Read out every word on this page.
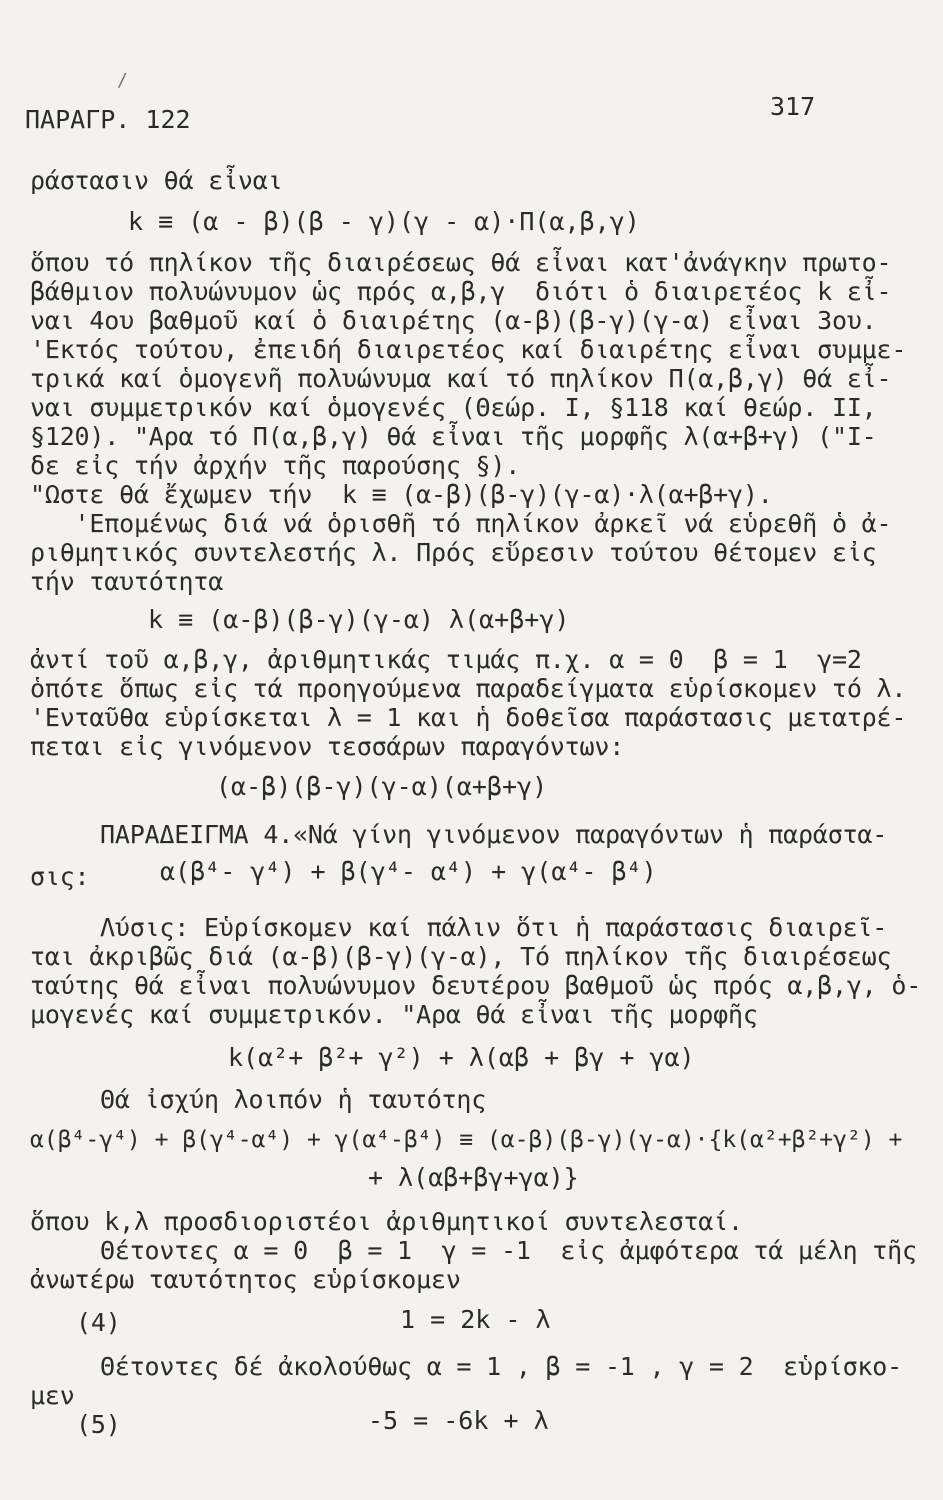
/
ΠΑΡΑΓΡ. 122	317
ράστασιν θά εἶναι
k ≡ (α - β)(β - γ)(γ - α)·Π(α,β,γ)
ὅπου τό πηλίκον τῆς διαιρέσεως θά εἶναι κατ'ἀνάγκην πρωτο-
βάθμιον πολυώνυμον ὡς πρός α,β,γ  διότι ὁ διαιρετέος k εἶ-
ναι 4ου βαθμοῦ καί ὁ διαιρέτης (α-β)(β-γ)(γ-α) εἶναι 3ου.
'Εκτός τούτου, ἐπειδή διαιρετέος καί διαιρέτης εἶναι συμμε-
τρικά καί ὁμογενῆ πολυώνυμα καί τό πηλίκον Π(α,β,γ) θά εἶ-
ναι συμμετρικόν καί ὁμογενές (Θεώρ. I, §118 καί θεώρ. II,
§120). "Αρα τό Π(α,β,γ) θά εἶναι τῆς μορφῆς λ(α+β+γ) ("I-
δε εἰς τήν ἀρχήν τῆς παρούσης §).
"Ωστε θά ἔχωμεν τήν  k ≡ (α-β)(β-γ)(γ-α)·λ(α+β+γ).
'Επομένως διά νά ὁρισθῆ τό πηλίκον ἀρκεῖ νά εὑρεθῆ ὁ ἀ-
ριθμητικός συντελεστής λ. Πρός εὕρεσιν τούτου θέτομεν εἰς
τήν ταυτότητα
k ≡ (α-β)(β-γ)(γ-α) λ(α+β+γ)
ἀντί τοῦ α,β,γ, ἀριθμητικάς τιμάς π.χ. α = 0  β = 1  γ=2
ὁπότε ὅπως εἰς τά προηγούμενα παραδείγματα εὑρίσκομεν τό λ.
'Ενταῦθα εὑρίσκεται λ = 1 και ἡ δοθεῖσα παράστασις μετατρέ-
πεται εἰς γινόμενον τεσσάρων παραγόντων:
(α-β)(β-γ)(γ-α)(α+β+γ)
ΠΑΡΑΔΕΙΓΜΑ 4.«Νά γίνη γινόμενον παραγόντων ἡ παράστα-
σις:	α(β⁴- γ⁴) + β(γ⁴- α⁴) + γ(α⁴- β⁴)
Λύσις: Εὑρίσκομεν καί πάλιν ὅτι ἡ παράστασις διαιρεῖ-
ται ἀκριβῶς διά (α-β)(β-γ)(γ-α), Τό πηλίκον τῆς διαιρέσεως
ταύτης θά εἶναι πολυώνυμον δευτέρου βαθμοῦ ὡς πρός α,β,γ, ὁ-
μογενές καί συμμετρικόν. "Αρα θά εἶναι τῆς μορφῆς
k(α²+ β²+ γ²) + λ(αβ + βγ + γα)
Θά ἰσχύη λοιπόν ἡ ταυτότης
α(β⁴-γ⁴) + β(γ⁴-α⁴) + γ(α⁴-β⁴) ≡ (α-β)(β-γ)(γ-α)·{k(α²+β²+γ²) +
+ λ(αβ+βγ+γα)}
ὅπου k,λ προσδιοριστέοι ἀριθμητικοί συντελεσταί.
Θέτοντες α = 0  β = 1  γ = -1  εἰς ἀμφότερα τά μέλη τῆς
ἀνωτέρω ταυτότητος εὑρίσκομεν
(4)	1 = 2k - λ
Θέτοντες δέ ἀκολούθως α = 1 , β = -1 , γ = 2  εὑρίσκο-
μεν
(5)	-5 = -6k + λ
